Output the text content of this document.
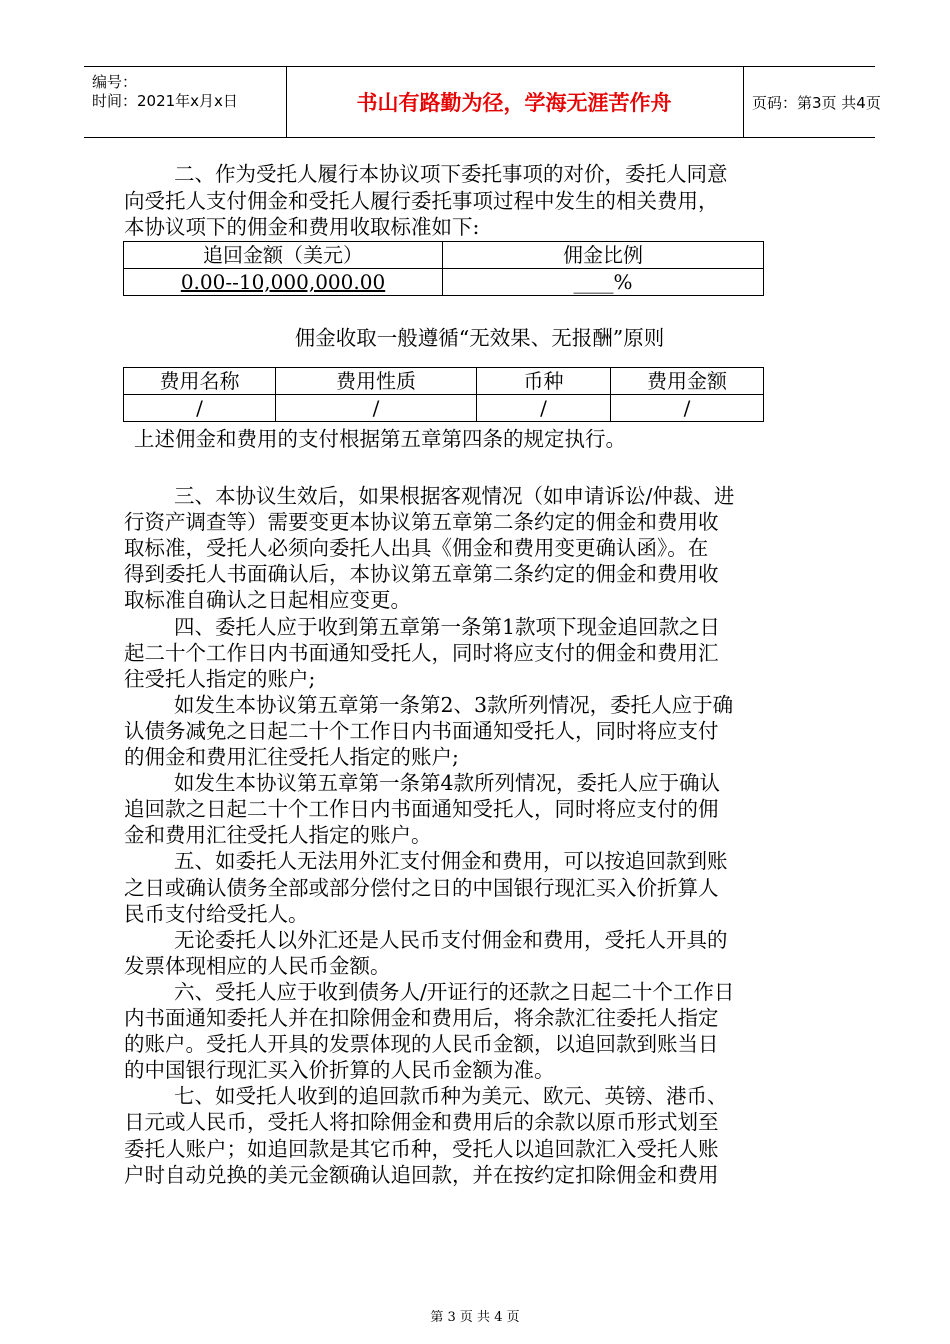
编号：
时间：2021年x月x日	书山有路勤为径，学海无涯苦作舟	页码：第3页 共4页
二、作为受托人履行本协议项下委托事项的对价，委托人同意
向受托人支付佣金和受托人履行委托事项过程中发生的相关费用，
本协议项下的佣金和费用收取标准如下:
追回金额（美元）	佣金比例
0.00--10,000,000.00	____%
佣金收取一般遵循“无效果、无报酬”原则
费用名称	费用性质	币种	费用金额
/	/	/	/
上述佣金和费用的支付根据第五章第四条的规定执行。
三、本协议生效后，如果根据客观情况（如申请诉讼/仲裁、进
行资产调查等）需要变更本协议第五章第二条约定的佣金和费用收
取标准，受托人必须向委托人出具《佣金和费用变更确认函》。在
得到委托人书面确认后，本协议第五章第二条约定的佣金和费用收
取标准自确认之日起相应变更。
四、委托人应于收到第五章第一条第1款项下现金追回款之日
起二十个工作日内书面通知受托人，同时将应支付的佣金和费用汇
往受托人指定的账户;
如发生本协议第五章第一条第2、3款所列情况，委托人应于确
认债务减免之日起二十个工作日内书面通知受托人，同时将应支付
的佣金和费用汇往受托人指定的账户;
如发生本协议第五章第一条第4款所列情况，委托人应于确认
追回款之日起二十个工作日内书面通知受托人，同时将应支付的佣
金和费用汇往受托人指定的账户。
五、如委托人无法用外汇支付佣金和费用，可以按追回款到账
之日或确认债务全部或部分偿付之日的中国银行现汇买入价折算人
民币支付给受托人。
无论委托人以外汇还是人民币支付佣金和费用，受托人开具的
发票体现相应的人民币金额。
六、受托人应于收到债务人/开证行的还款之日起二十个工作日
内书面通知委托人并在扣除佣金和费用后，将余款汇往委托人指定
的账户。受托人开具的发票体现的人民币金额，以追回款到账当日
的中国银行现汇买入价折算的人民币金额为准。
七、如受托人收到的追回款币种为美元、欧元、英镑、港币、
日元或人民币，受托人将扣除佣金和费用后的余款以原币形式划至
委托人账户；如追回款是其它币种，受托人以追回款汇入受托人账
户时自动兑换的美元金额确认追回款，并在按约定扣除佣金和费用
第 3 页 共 4 页
